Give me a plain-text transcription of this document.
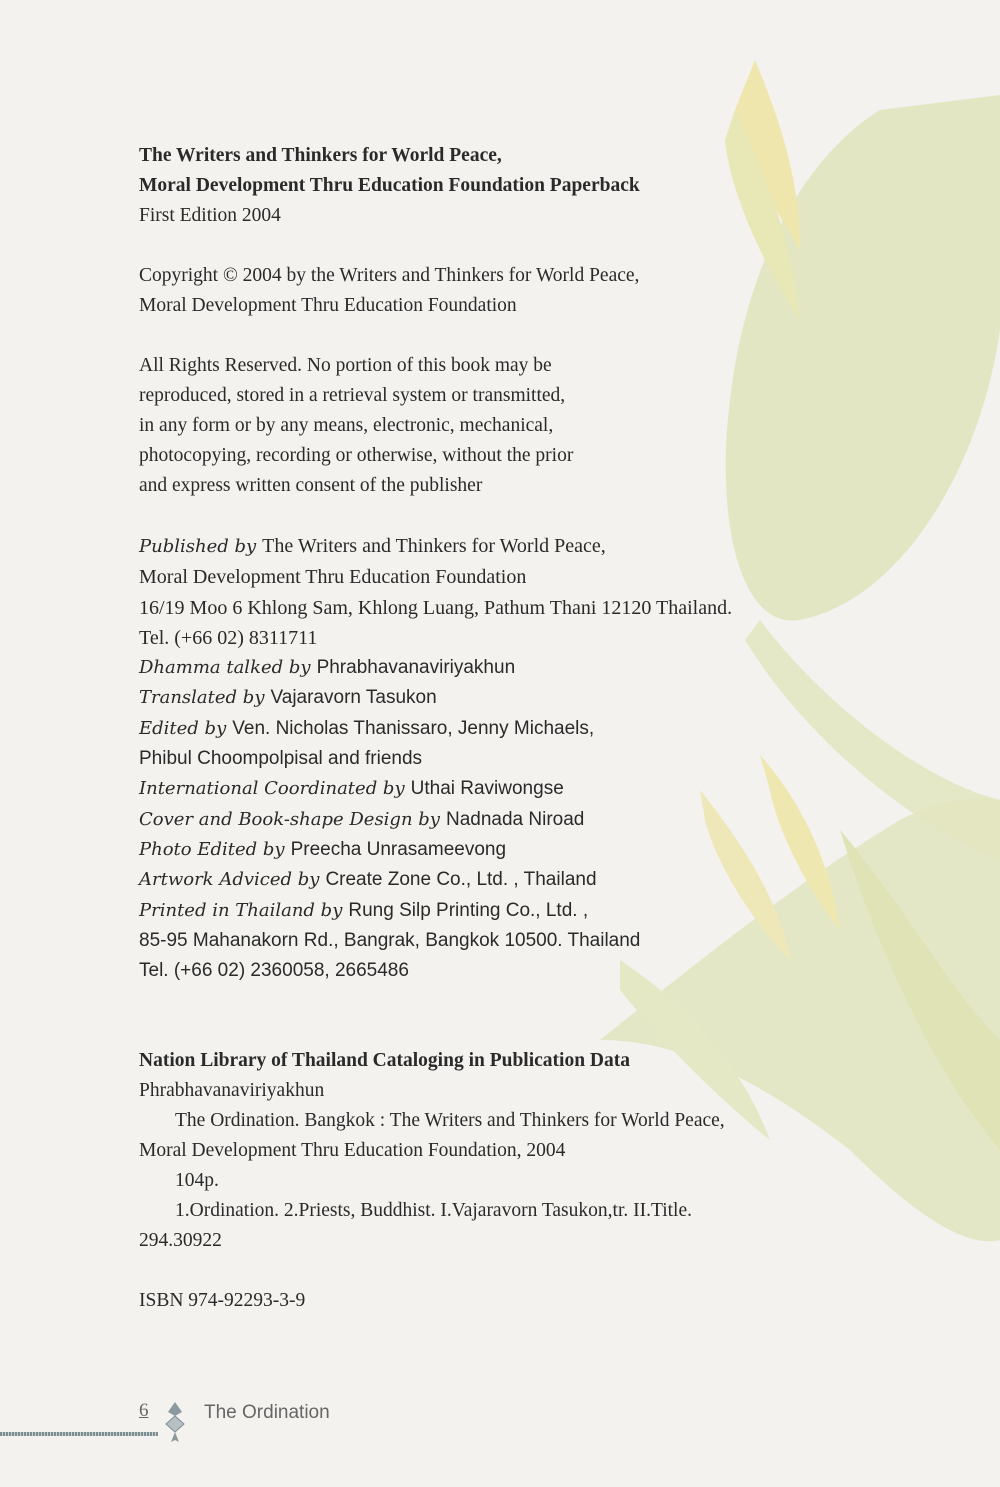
The Writers and Thinkers for World Peace,
Moral Development Thru Education Foundation Paperback
First Edition 2004
Copyright © 2004 by the Writers and Thinkers for World Peace,
Moral Development Thru Education Foundation
All Rights Reserved. No portion of this book may be
reproduced, stored in a retrieval system or transmitted,
in any form or by any means, electronic, mechanical,
photocopying, recording or otherwise, without the prior
and express written consent of the publisher
Published by The Writers and Thinkers for World Peace,
Moral Development Thru Education Foundation
16/19 Moo 6 Khlong Sam, Khlong Luang, Pathum Thani 12120 Thailand.
Tel. (+66 02) 8311711
Dhamma talked by Phrabhavanaviriyakhun
Translated by Vajaravorn Tasukon
Edited by Ven. Nicholas Thanissaro, Jenny Michaels,
Phibul Choompolpisal and friends
International Coordinated by Uthai Raviwongse
Cover and Book-shape Design by Nadnada Niroad
Photo Edited by Preecha Unrasameevong
Artwork Adviced by Create Zone Co., Ltd. , Thailand
Printed in Thailand by Rung Silp Printing Co., Ltd. ,
85-95 Mahanakorn Rd., Bangrak, Bangkok 10500. Thailand
Tel. (+66 02) 2360058, 2665486
Nation Library of Thailand Cataloging in Publication Data
Phrabhavanaviriyakhun
The Ordination. Bangkok : The Writers and Thinkers for World Peace,
Moral Development Thru Education Foundation, 2004
104p.
1.Ordination. 2.Priests, Buddhist. I.Vajaravorn Tasukon,tr. II.Title.
294.30922
ISBN 974-92293-3-9
6	The Ordination
